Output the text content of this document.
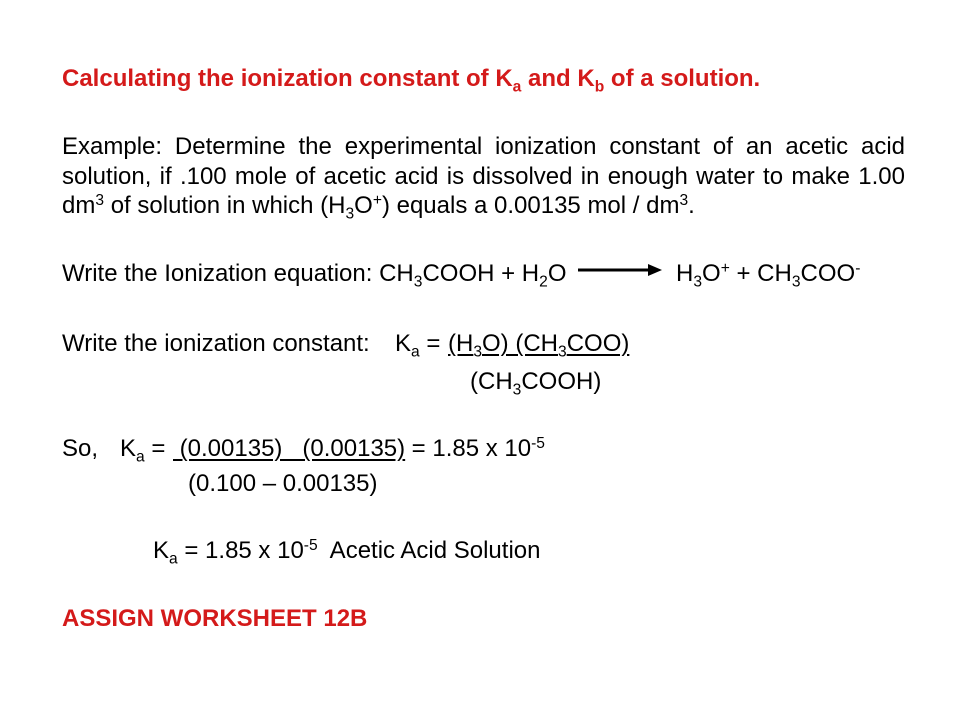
Calculating the ionization constant of $K_a$ and $K_b$ of a solution.
Example: Determine the experimental ionization constant of an acetic acid solution, if .100 mole of acetic acid is dissolved in enough water to make 1.00 $dm^3$ of solution in which $(H_3O^+)$ equals a 0.00135 mol / $dm^3$.
Write the Ionization equation: $CH_3COOH + H_2O$	$H_3O^+ + CH_3COO^-$
Write the ionization constant: $K_a = (H_3O)$ $(CH_3COO)$
$(CH_3COOH)$
So, $K_a = (0.00135) (0.00135) = 1.85$ x $10^{-5}$
(0.100 – 0.00135)
$K_a = 1.85$ x $10^{-5}$  Acetic Acid Solution
ASSIGN WORKSHEET 12B
